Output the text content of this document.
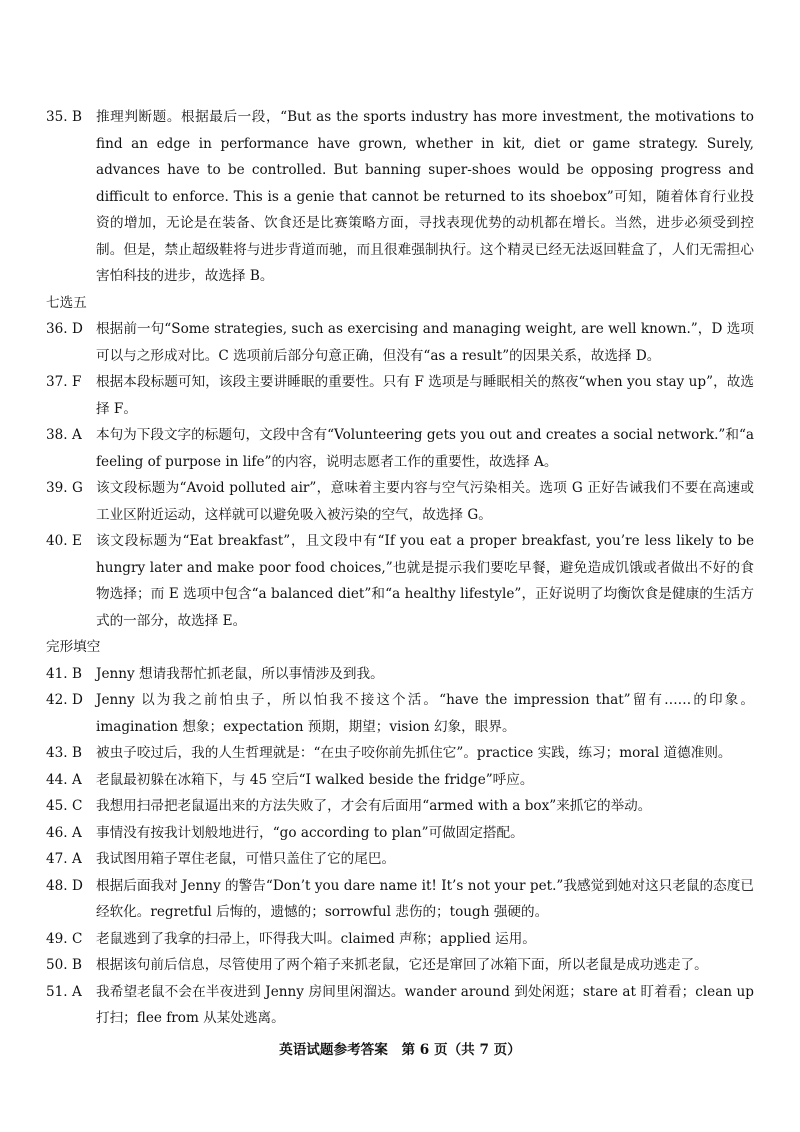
35. B	推理判断题。根据最后一段，“But as the sports industry has more investment, the motivations to find an edge in performance have grown, whether in kit, diet or game strategy. Surely, advances have to be controlled. But banning super-shoes would be opposing progress and difficult to enforce. This is a genie that cannot be returned to its shoebox”可知，随着体育行业投资的增加，无论是在装备、饮食还是比赛策略方面，寻找表现优势的动机都在增长。当然，进步必须受到控制。但是，禁止超级鞋将与进步背道而驰，而且很难强制执行。这个精灵已经无法返回鞋盒了，人们无需担心害怕科技的进步，故选择 B。
七选五
36. D 根据前一句“Some strategies, such as exercising and managing weight, are well known.”，D 选项可以与之形成对比。C 选项前后部分句意正确，但没有“as a result”的因果关系，故选择 D。
37. F	根据本段标题可知，该段主要讲睡眠的重要性。只有 F 选项是与睡眠相关的熬夜“when you stay up”，故选择 F。
38. A	本句为下段文字的标题句，文段中含有“Volunteering gets you out and creates a social network.”和“a feeling of purpose in life”的内容，说明志愿者工作的重要性，故选择 A。
39. G 该文段标题为“Avoid polluted air”，意味着主要内容与空气污染相关。选项 G 正好告诫我们不要在高速或工业区附近运动，这样就可以避免吸入被污染的空气，故选择 G。
40. E	该文段标题为“Eat breakfast”，且文段中有“If you eat a proper breakfast, you’re less likely to be hungry later and make poor food choices,”也就是提示我们要吃早餐，避免造成饥饿或者做出不好的食物选择；而 E 选项中包含“a balanced diet”和“a healthy lifestyle”，正好说明了均衡饮食是健康的生活方式的一部分，故选择 E。
完形填空
41. B	Jenny 想请我帮忙抓老鼠，所以事情涉及到我。
42. D Jenny 以为我之前怕虫子，所以怕我不接这个活。“have the impression that”留有……的印象。imagination 想象；expectation 预期，期望；vision 幻象，眼界。
43. B	被虫子咬过后，我的人生哲理就是：“在虫子咬你前先抓住它”。practice 实践，练习；moral 道德准则。
44. A	老鼠最初躲在冰箱下，与 45 空后“I walked beside the fridge”呼应。
45. C	我想用扫帚把老鼠逼出来的方法失败了，才会有后面用“armed with a box”来抓它的举动。
46. A	事情没有按我计划般地进行，“go according to plan”可做固定搭配。
47. A	我试图用箱子罩住老鼠，可惜只盖住了它的尾巴。
48. D 根据后面我对 Jenny 的警告“Don’t you dare name it! It’s not your pet.”我感觉到她对这只老鼠的态度已经软化。regretful 后悔的，遗憾的；sorrowful 悲伤的；tough 强硬的。
49. C	老鼠逃到了我拿的扫帚上，吓得我大叫。claimed 声称；applied 运用。
50. B	根据该句前后信息，尽管使用了两个箱子来抓老鼠，它还是窜回了冰箱下面，所以老鼠是成功逃走了。
51. A	我希望老鼠不会在半夜进到 Jenny 房间里闲溜达。wander around 到处闲逛；stare at 盯着看；clean up 打扫；flee from 从某处逃离。
英语试题参考答案　第 6 页（共 7 页）
